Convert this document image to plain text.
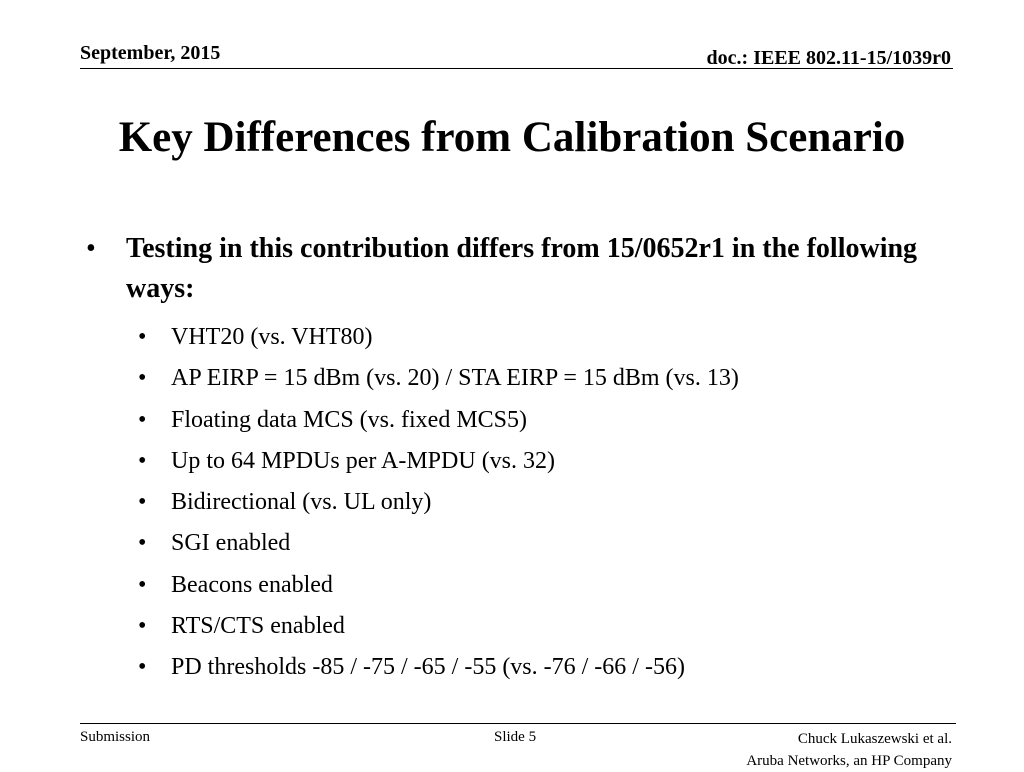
September, 2015	doc.: IEEE 802.11-15/1039r0
Key Differences from Calibration Scenario
• Testing in this contribution differs from 15/0652r1 in the following ways:
• VHT20 (vs. VHT80)
• AP EIRP = 15 dBm (vs. 20) / STA EIRP = 15 dBm (vs. 13)
• Floating data MCS (vs. fixed MCS5)
• Up to 64 MPDUs per A-MPDU (vs. 32)
• Bidirectional (vs. UL only)
• SGI enabled
• Beacons enabled
• RTS/CTS enabled
• PD thresholds -85 / -75 / -65 / -55 (vs. -76 / -66 / -56)
Submission	Slide 5	Chuck Lukaszewski et al.
Aruba Networks, an HP Company
